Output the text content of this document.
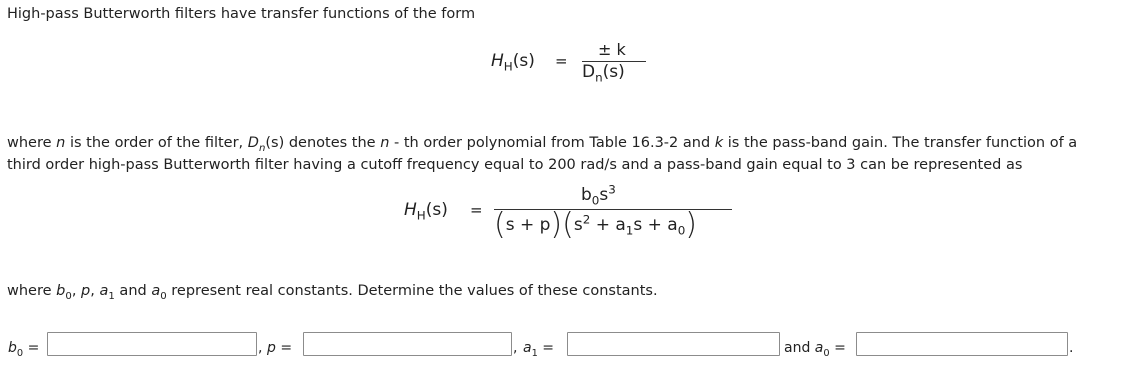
High-pass Butterworth filters have transfer functions of the form
$H_H(s)$ =
± k
$D_n(s)$
where n is the order of the filter, $D_n(s)$ denotes the n - th order polynomial from Table 16.3-2 and k is the pass-band gain. The transfer function of a
third order high-pass Butterworth filter having a cutoff frequency equal to 200 rad/s and a pass-band gain equal to 3 can be represented as
$H_H(s)$ =
$b_0s^3$
$(s + p)(s^2 + a_1s + a_0)$
where $b_0$, p, $a_1$ and $a_0$ represent real constants. Determine the values of these constants.
$b_0$ =	, p =	, $a_1$ =	and $a_0$ =	.
